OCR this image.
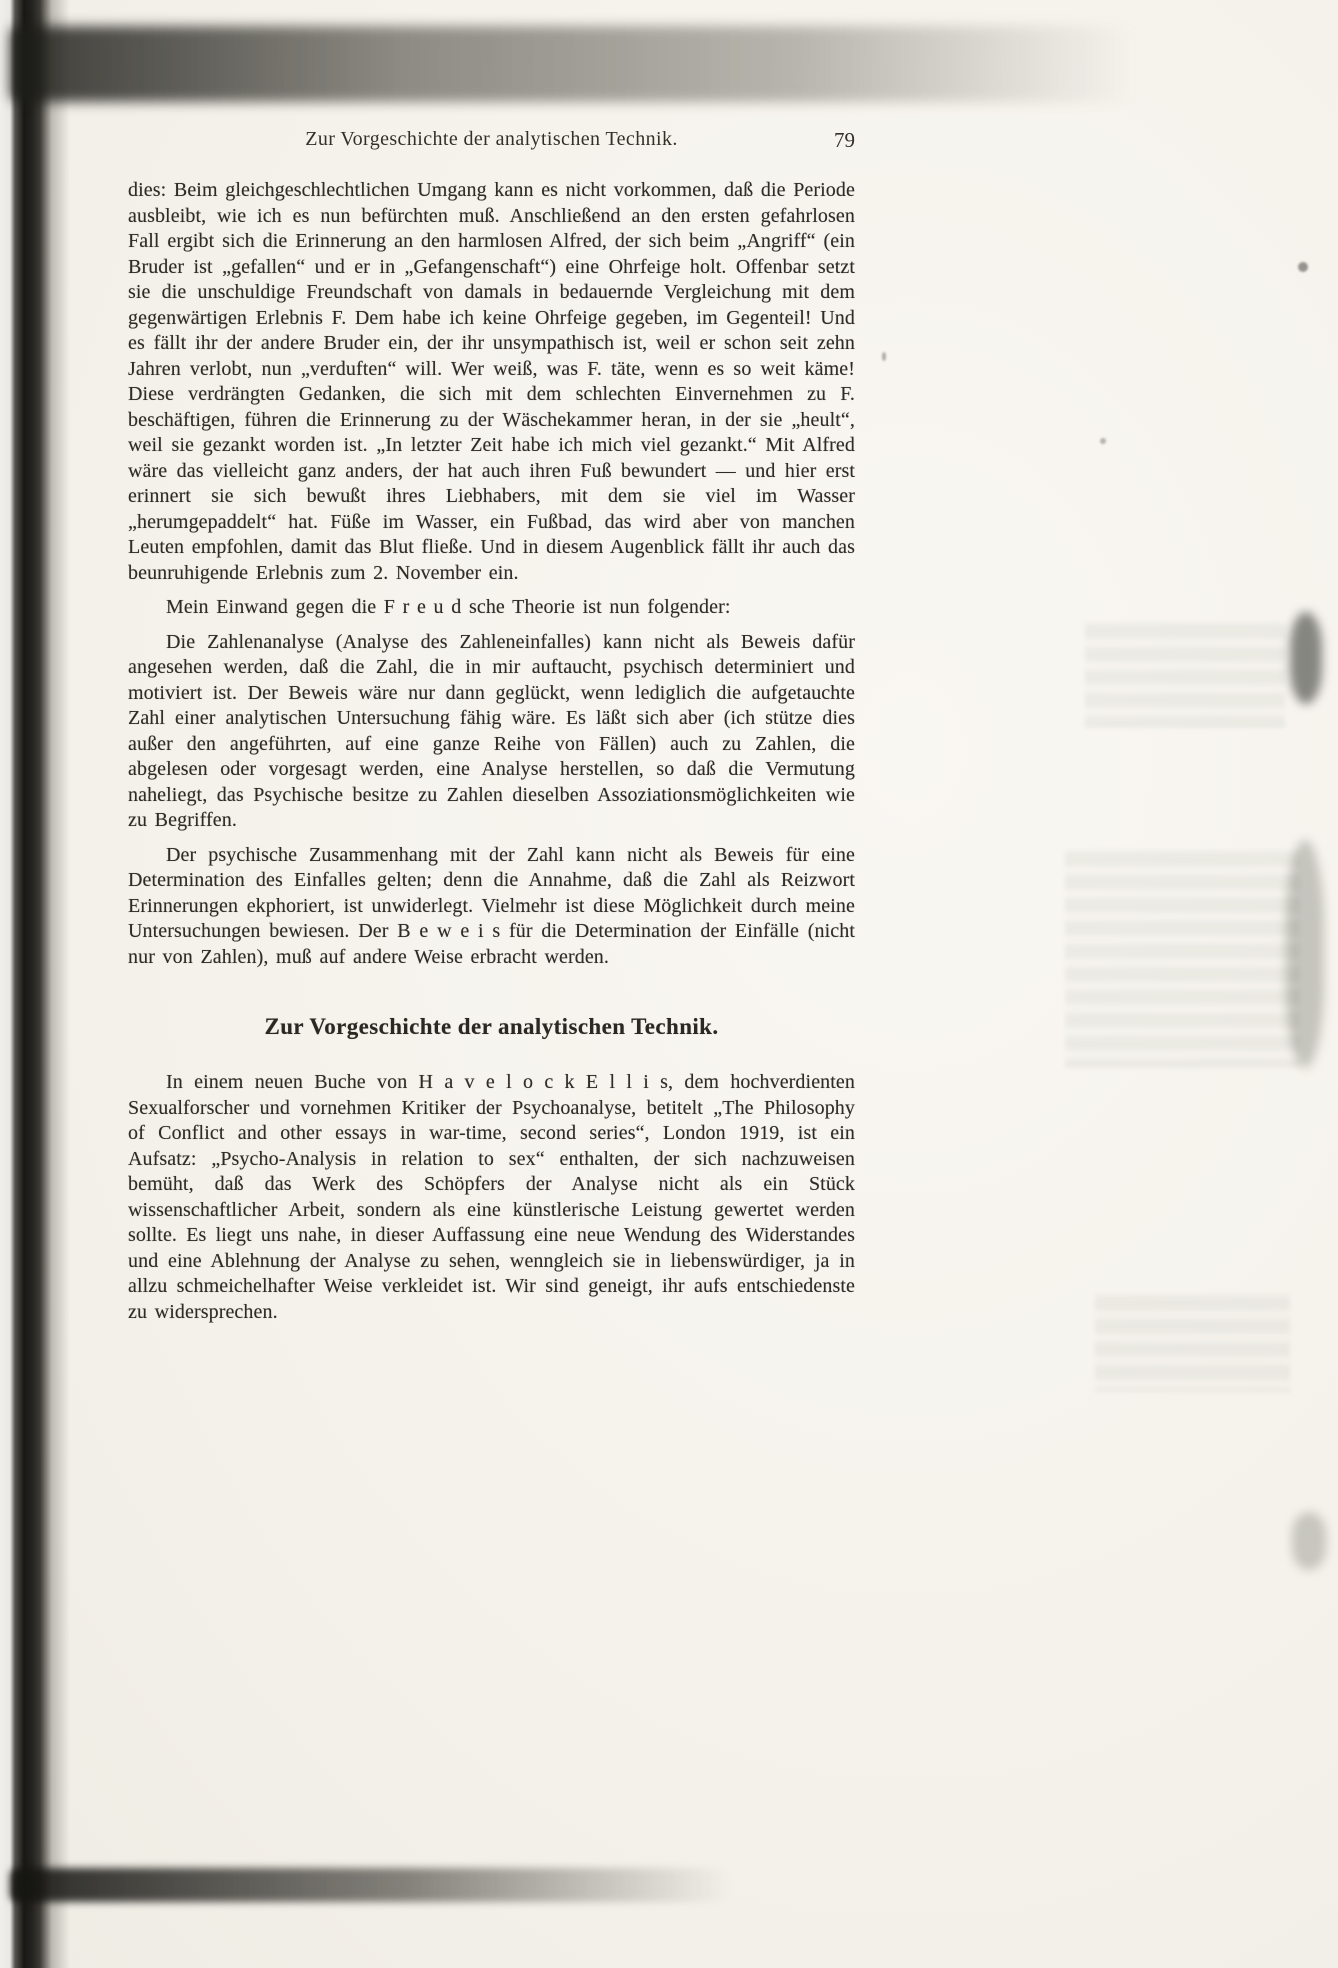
Zur Vorgeschichte der analytischen Technik.	79

dies: Beim gleichgeschlechtlichen Umgang kann es nicht vorkommen, daß die Periode ausbleibt, wie ich es nun befürchten muß. Anschließend an den ersten gefahrlosen Fall ergibt sich die Erinnerung an den harmlosen Alfred, der sich beim „Angriff“ (ein Bruder ist „gefallen“ und er in „Gefangenschaft“) eine Ohrfeige holt. Offenbar setzt sie die unschuldige Freundschaft von damals in bedauernde Vergleichung mit dem gegenwärtigen Erlebnis F. Dem habe ich keine Ohrfeige gegeben, im Gegenteil! Und es fällt ihr der andere Bruder ein, der ihr unsympathisch ist, weil er schon seit zehn Jahren verlobt, nun „verduften“ will. Wer weiß, was F. täte, wenn es so weit käme! Diese verdrängten Gedanken, die sich mit dem schlechten Einvernehmen zu F. beschäftigen, führen die Erinnerung zu der Wäschekammer heran, in der sie „heult“, weil sie gezankt worden ist. „In letzter Zeit habe ich mich viel gezankt.“ Mit Alfred wäre das vielleicht ganz anders, der hat auch ihren Fuß bewundert — und hier erst erinnert sie sich bewußt ihres Liebhabers, mit dem sie viel im Wasser „herumgepaddelt“ hat. Füße im Wasser, ein Fußbad, das wird aber von manchen Leuten empfohlen, damit das Blut fließe. Und in diesem Augenblick fällt ihr auch das beunruhigende Erlebnis zum 2. November ein.

Mein Einwand gegen die F r e u d sche Theorie ist nun folgender:

Die Zahlenanalyse (Analyse des Zahleneinfalles) kann nicht als Beweis dafür angesehen werden, daß die Zahl, die in mir auftaucht, psychisch determiniert und motiviert ist. Der Beweis wäre nur dann geglückt, wenn lediglich die aufgetauchte Zahl einer analytischen Untersuchung fähig wäre. Es läßt sich aber (ich stütze dies außer den angeführten, auf eine ganze Reihe von Fällen) auch zu Zahlen, die abgelesen oder vorgesagt werden, eine Analyse herstellen, so daß die Vermutung naheliegt, das Psychische besitze zu Zahlen dieselben Assoziationsmöglichkeiten wie zu Begriffen.

Der psychische Zusammenhang mit der Zahl kann nicht als Beweis für eine Determination des Einfalles gelten; denn die Annahme, daß die Zahl als Reizwort Erinnerungen ekphoriert, ist unwiderlegt. Vielmehr ist diese Möglichkeit durch meine Untersuchungen bewiesen. Der B e w e i s für die Determination der Einfälle (nicht nur von Zahlen), muß auf andere Weise erbracht werden.

Zur Vorgeschichte der analytischen Technik.

In einem neuen Buche von H a v e l o c k E l l i s, dem hochverdienten Sexualforscher und vornehmen Kritiker der Psychoanalyse, betitelt „The Philosophy of Conflict and other essays in war-time, second series“, London 1919, ist ein Aufsatz: „Psycho-Analysis in relation to sex“ enthalten, der sich nachzuweisen bemüht, daß das Werk des Schöpfers der Analyse nicht als ein Stück wissenschaftlicher Arbeit, sondern als eine künstlerische Leistung gewertet werden sollte. Es liegt uns nahe, in dieser Auffassung eine neue Wendung des Widerstandes und eine Ablehnung der Analyse zu sehen, wenngleich sie in liebenswürdiger, ja in allzu schmeichelhafter Weise verkleidet ist. Wir sind geneigt, ihr aufs entschiedenste zu widersprechen.
